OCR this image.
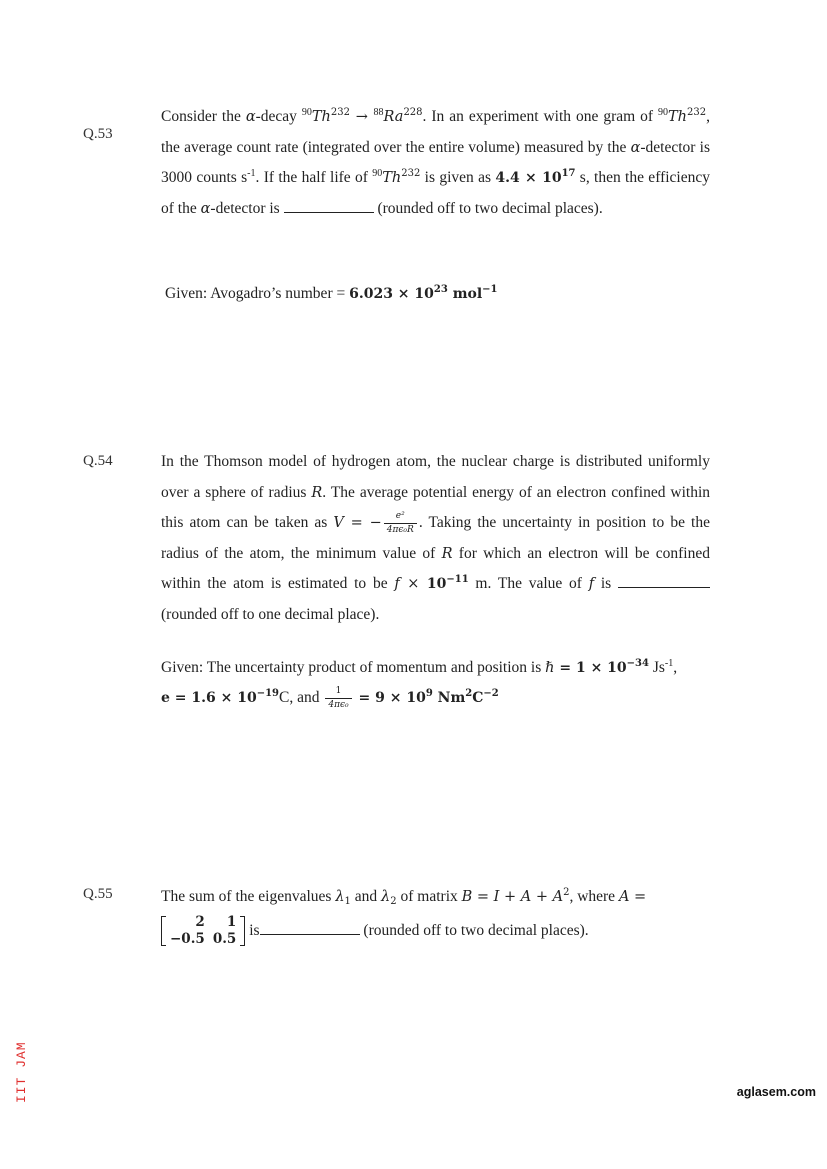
Q.53
Consider the α-decay $^{90}Th^{232} \to ^{88}Ra^{228}$. In an experiment with one gram of $^{90}$Th$^{232}$, the average count rate (integrated over the entire volume) measured by the α-detector is 3000 counts $s^{-1}$. If the half life of $^{90}$Th$^{232}$ is given as $4.4 \times 10^{17}$ s, then the efficiency of the α-detector is	(rounded off to two decimal places).
Given: Avogadro’s number = $6.023 \times 10^{23}$ mol$^{-1}$
Q.54	In the Thomson model of hydrogen atom, the nuclear charge is distributed uniformly over a sphere of radius R. The average potential energy of an electron confined within this atom can be taken as V = − $\frac{\text{e²}}{\text{4πϵ₀R}}$ . Taking the uncertainty in position to be the radius of the atom, the minimum value of R for which an electron will be confined within the atom is estimated to be $f \times 10^{-11}$ m. The value of f is  (rounded off to one decimal place).
Given: The uncertainty product of momentum and position is ℏ = $1 \times 10^{-34}$ $Js^{-1}$,
$e = 1.6 \times 10^{-19}C$, and $\frac{1}{\text{4πϵ₀}} = 9 \times 10^9$ $Nm^2C^{-2}$
Q.55	The sum of the eigenvalues $\lambda_1$ and $\lambda_2$ of matrix $B = I + A + A^2$, where A =

2	1
−0.5	0.5
is	(rounded off to two decimal places).
IIT JAM	aglasem.com
